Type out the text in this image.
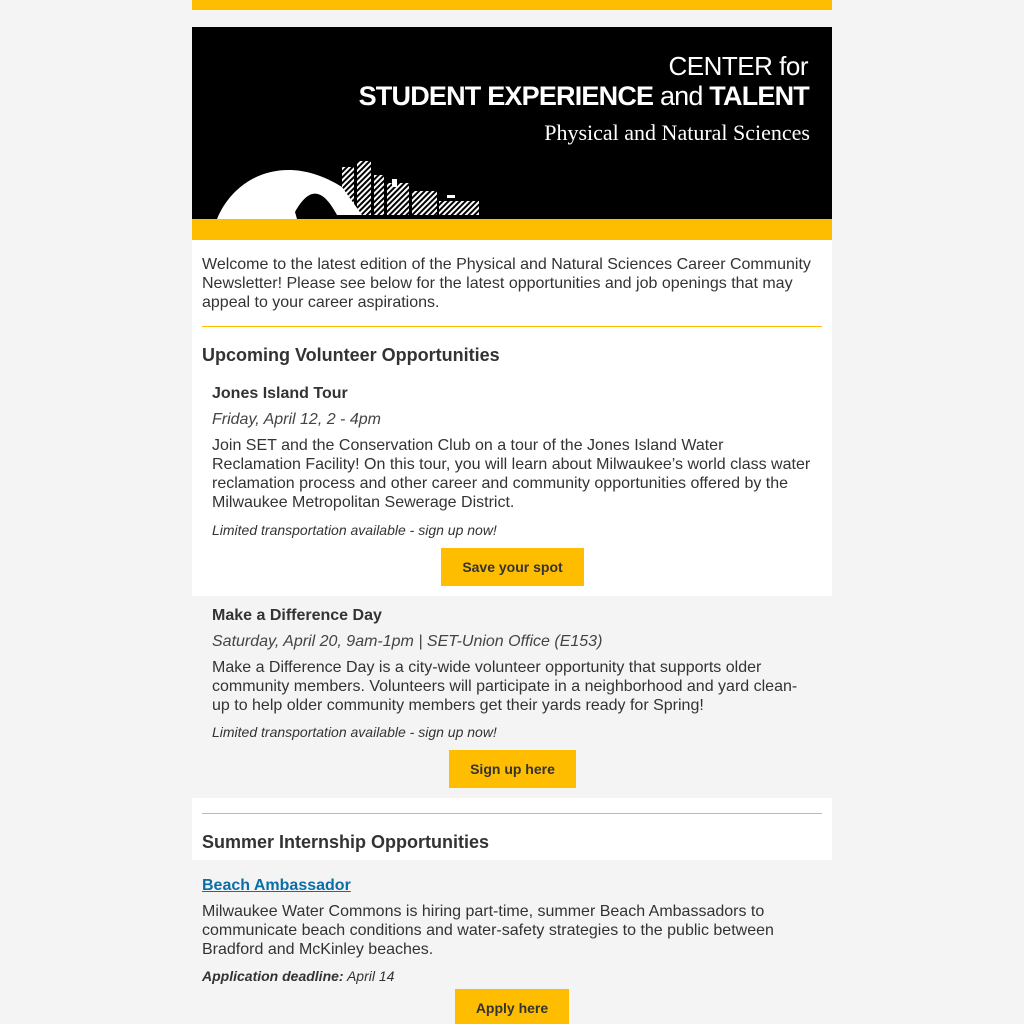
CENTER for
STUDENT EXPERIENCE and TALENT
Physical and Natural Sciences
Welcome to the latest edition of the Physical and Natural Sciences Career Community Newsletter! Please see below for the latest opportunities and job openings that may appeal to your career aspirations.
Upcoming Volunteer Opportunities
Jones Island Tour
Friday, April 12, 2 - 4pm
Join SET and the Conservation Club on a tour of the Jones Island Water Reclamation Facility! On this tour, you will learn about Milwaukee’s world class water reclamation process and other career and community opportunities offered by the Milwaukee Metropolitan Sewerage District.
Limited transportation available - sign up now!
Save your spot
Make a Difference Day
Saturday, April 20, 9am-1pm | SET-Union Office (E153)
Make a Difference Day is a city-wide volunteer opportunity that supports older community members. Volunteers will participate in a neighborhood and yard clean-up to help older community members get their yards ready for Spring!
Limited transportation available - sign up now!
Sign up here
Summer Internship Opportunities
Beach Ambassador
Milwaukee Water Commons is hiring part-time, summer Beach Ambassadors to communicate beach conditions and water-safety strategies to the public between Bradford and McKinley beaches.
Application deadline: April 14
Apply here
